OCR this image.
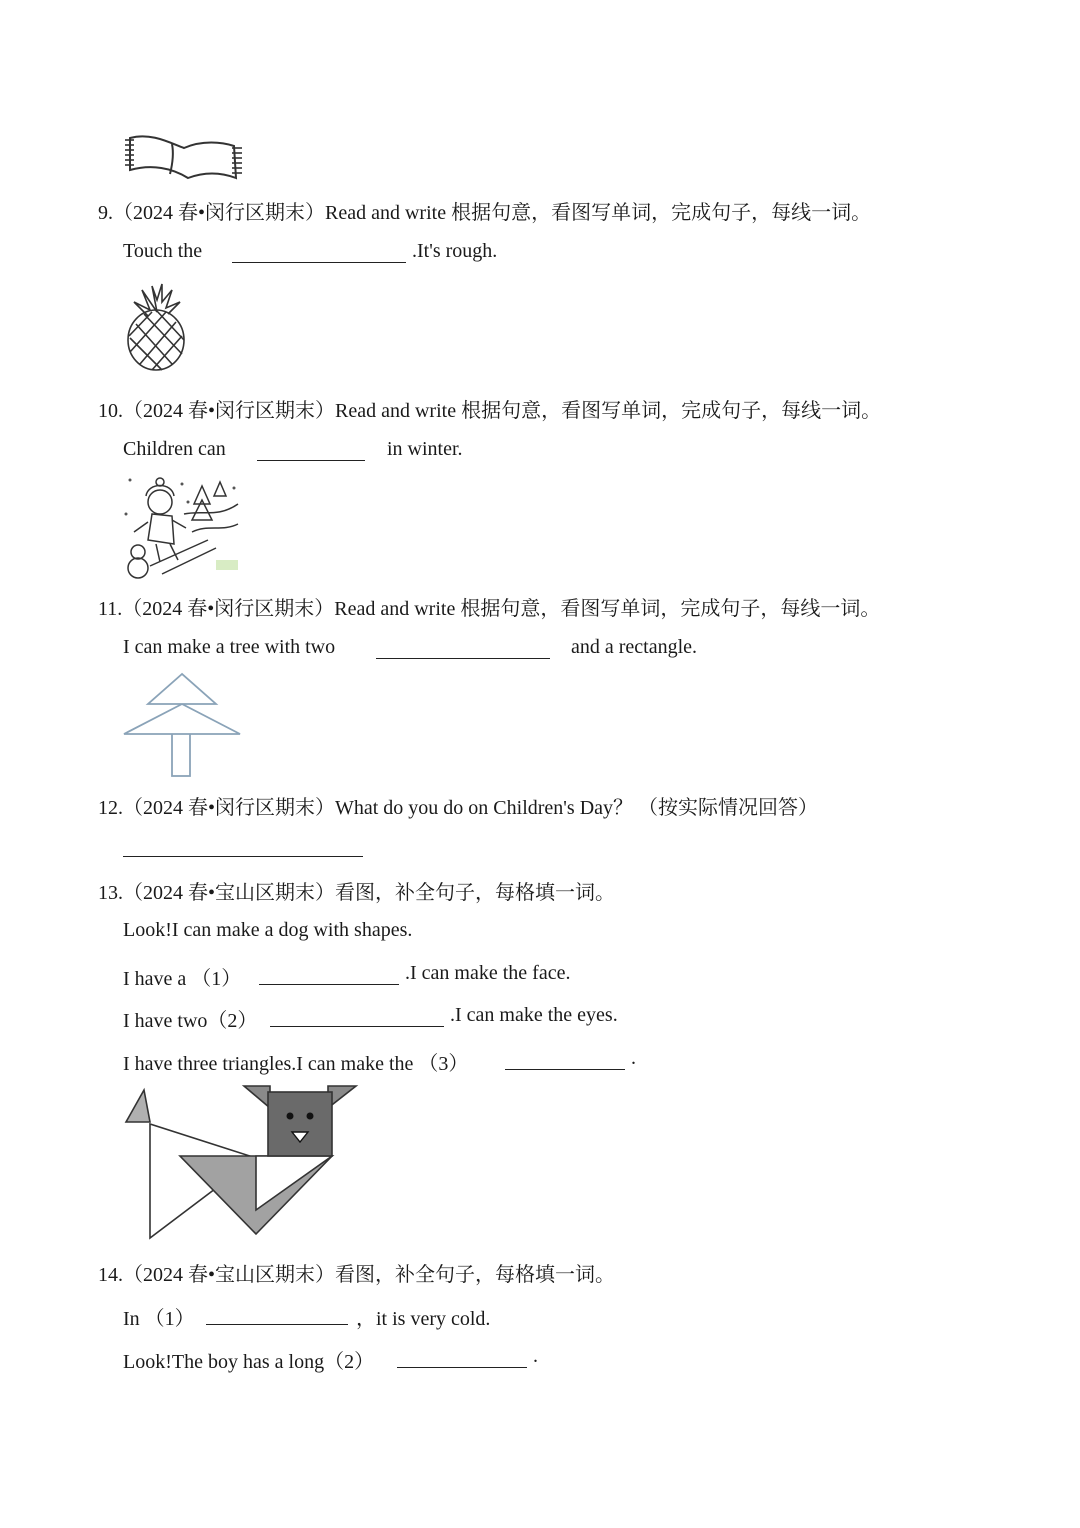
9.（2024 春•闵行区期末）Read and write 根据句意，看图写单词，完成句子，每线一词。
Touch the	.It's rough.
10.（2024 春•闵行区期末）Read and write 根据句意，看图写单词，完成句子，每线一词。
Children can	in winter.
11.（2024 春•闵行区期末）Read and write 根据句意，看图写单词，完成句子，每线一词。
I can make a tree with two	and a rectangle.
12.（2024 春•闵行区期末）What do you do on Children's Day？ （按实际情况回答）
13.（2024 春•宝山区期末）看图，补全句子，每格填一词。
Look!I can make a dog with shapes.
I have a （1）	.I can make the face.
I have two（2）	.I can make the eyes.
I have three triangles.I can make the （3）	.
14.（2024 春•宝山区期末）看图，补全句子，每格填一词。
In （1）	，it is very cold.
Look!The boy has a long（2）	.
